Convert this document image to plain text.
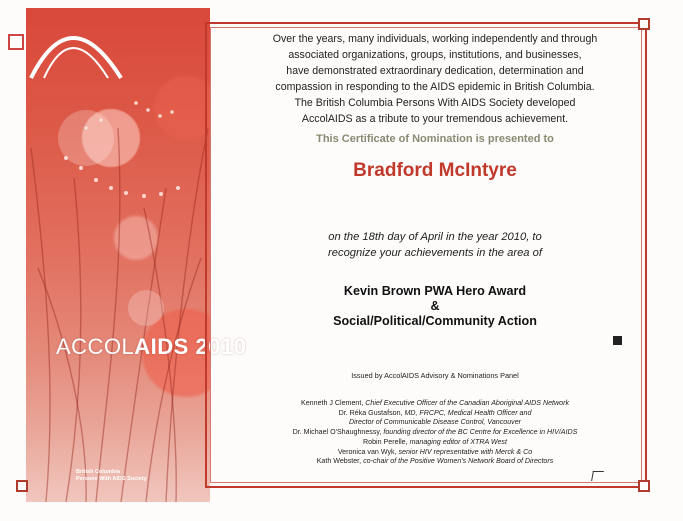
ACCOLAIDS 2010
British Columbia
Persons With AIDS Society
Over the years, many individuals, working independently and through
associated organizations, groups, institutions, and businesses,
have demonstrated extraordinary dedication, determination and
compassion in responding to the AIDS epidemic in British Columbia.
The British Columbia Persons With AIDS Society developed
AccolAIDS as a tribute to your tremendous achievement.
This Certificate of Nomination is presented to
Bradford McIntyre
on the 18th day of April in the year 2010, to
recognize your achievements in the area of
Kevin Brown PWA Hero Award
&
Social/Political/Community Action
Issued by AccolAIDS Advisory & Nominations Panel
Kenneth J Clement, Chief Executive Officer of the Canadian Aboriginal AIDS Network
Dr. Réka Gustafson, MD, FRCPC, Medical Health Officer and
Director of Communicable Disease Control, Vancouver
Dr. Michael O'Shaughnessy, founding director of the BC Centre for Excellence in HIV/AIDS
Robin Perelle, managing editor of XTRA West
Veronica van Wyk, senior HIV representative with Merck & Co
Kath Webster, co-chair of the Positive Women's Network Board of Directors
